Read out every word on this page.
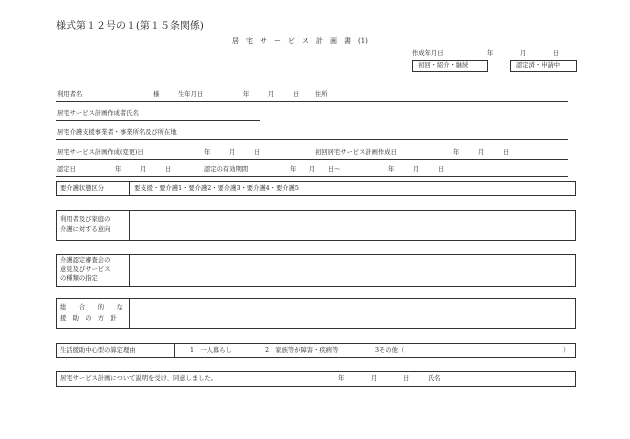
様式第１２号の１(第１５条関係)
居　宅　サ　ー　ビ　ス　計　画　書　(1)
作成年月日	年	月	日
初回・紹介・継続	認定済・申請中
利用者名	様	生年月日	年	月	日 住所
居宅サービス計画作成者氏名
居宅介護支援事業者・事業所名及び所在地
居宅サービス計画作成(変更)日	年	月	日	初回居宅サービス計画作成日	年	月	日
認定日	年	月	日	認定の有効期間	年　　月　　日～	年	月	日
要介護状態区分	要支援・要介護1・要介護2・要介護3・要介護4・要介護5
利用者及び家庭の
介護に対する意向
介護認定審査会の
意見及びサービス
の種類の指定
総　　合　　的　　な
援　助　の　方　針
生活援助中心型の算定理由	1　一人暮らし	2　家族等が障害・疾病等	3その他（	）
居宅サービス計画について説明を受け、同意しました。	年	月	日	氏名
